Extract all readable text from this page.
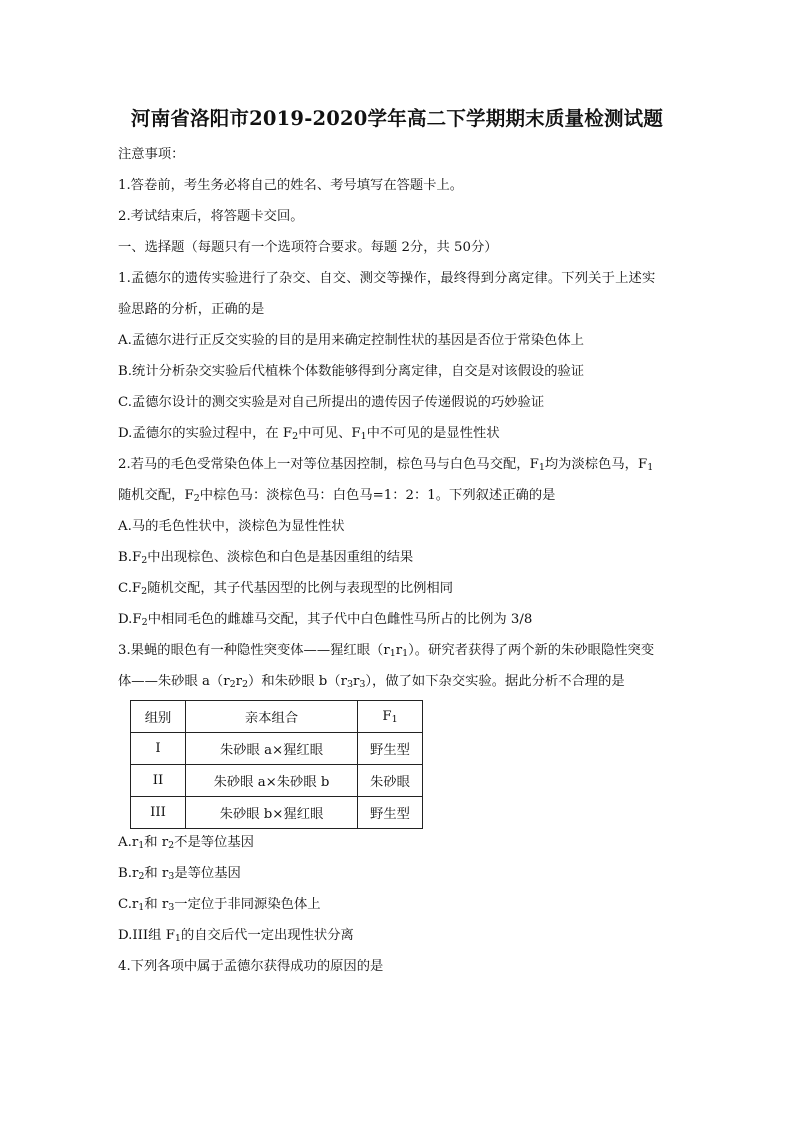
河南省洛阳市2019-2020学年高二下学期期末质量检测试题
注意事项：
1.答卷前，考生务必将自己的姓名、考号填写在答题卡上。
2.考试结束后，将答题卡交回。
一、选择题（每题只有一个选项符合要求。每题 2分，共 50分）
1.孟德尔的遗传实验进行了杂交、自交、测交等操作，最终得到分离定律。下列关于上述实
验思路的分析，正确的是
A.孟德尔进行正反交实验的目的是用来确定控制性状的基因是否位于常染色体上
B.统计分析杂交实验后代植株个体数能够得到分离定律，自交是对该假设的验证
C.孟德尔设计的测交实验是对自己所提出的遗传因子传递假说的巧妙验证
D.孟德尔的实验过程中，在 $F_2$中可见、$F_1$中不可见的是显性性状
2.若马的毛色受常染色体上一对等位基因控制，棕色马与白色马交配，$F_1$均为淡棕色马，$F_1$
随机交配，$F_2$中棕色马：淡棕色马：白色马=1：2：1。下列叙述正确的是
A.马的毛色性状中，淡棕色为显性性状
$B.F_2$中出现棕色、淡棕色和白色是基因重组的结果
$C.F_2$随机交配，其子代基因型的比例与表现型的比例相同
$D.F_2$中相同毛色的雌雄马交配，其子代中白色雌性马所占的比例为 3/8
3.果蝇的眼色有一种隐性突变体——猩红眼$(r_1r_1)$。研究者获得了两个新的朱砂眼隐性突变
体——朱砂眼 $a(r_2r_2)$和朱砂眼 $b(r_3r_3)$，做了如下杂交实验。据此分析不合理的是
组别	亲本组合	$F_1$
I	朱砂眼 a×猩红眼	野生型
II	朱砂眼 a×朱砂眼 b	朱砂眼
III	朱砂眼 b×猩红眼	野生型
$A.r_1$和 $r_2$不是等位基因
$B.r_2$和 $r_3$是等位基因
$C.r_1$和 $r_3$一定位于非同源染色体上
D.III组 $F_1$的自交后代一定出现性状分离
4.下列各项中属于孟德尔获得成功的原因的是
